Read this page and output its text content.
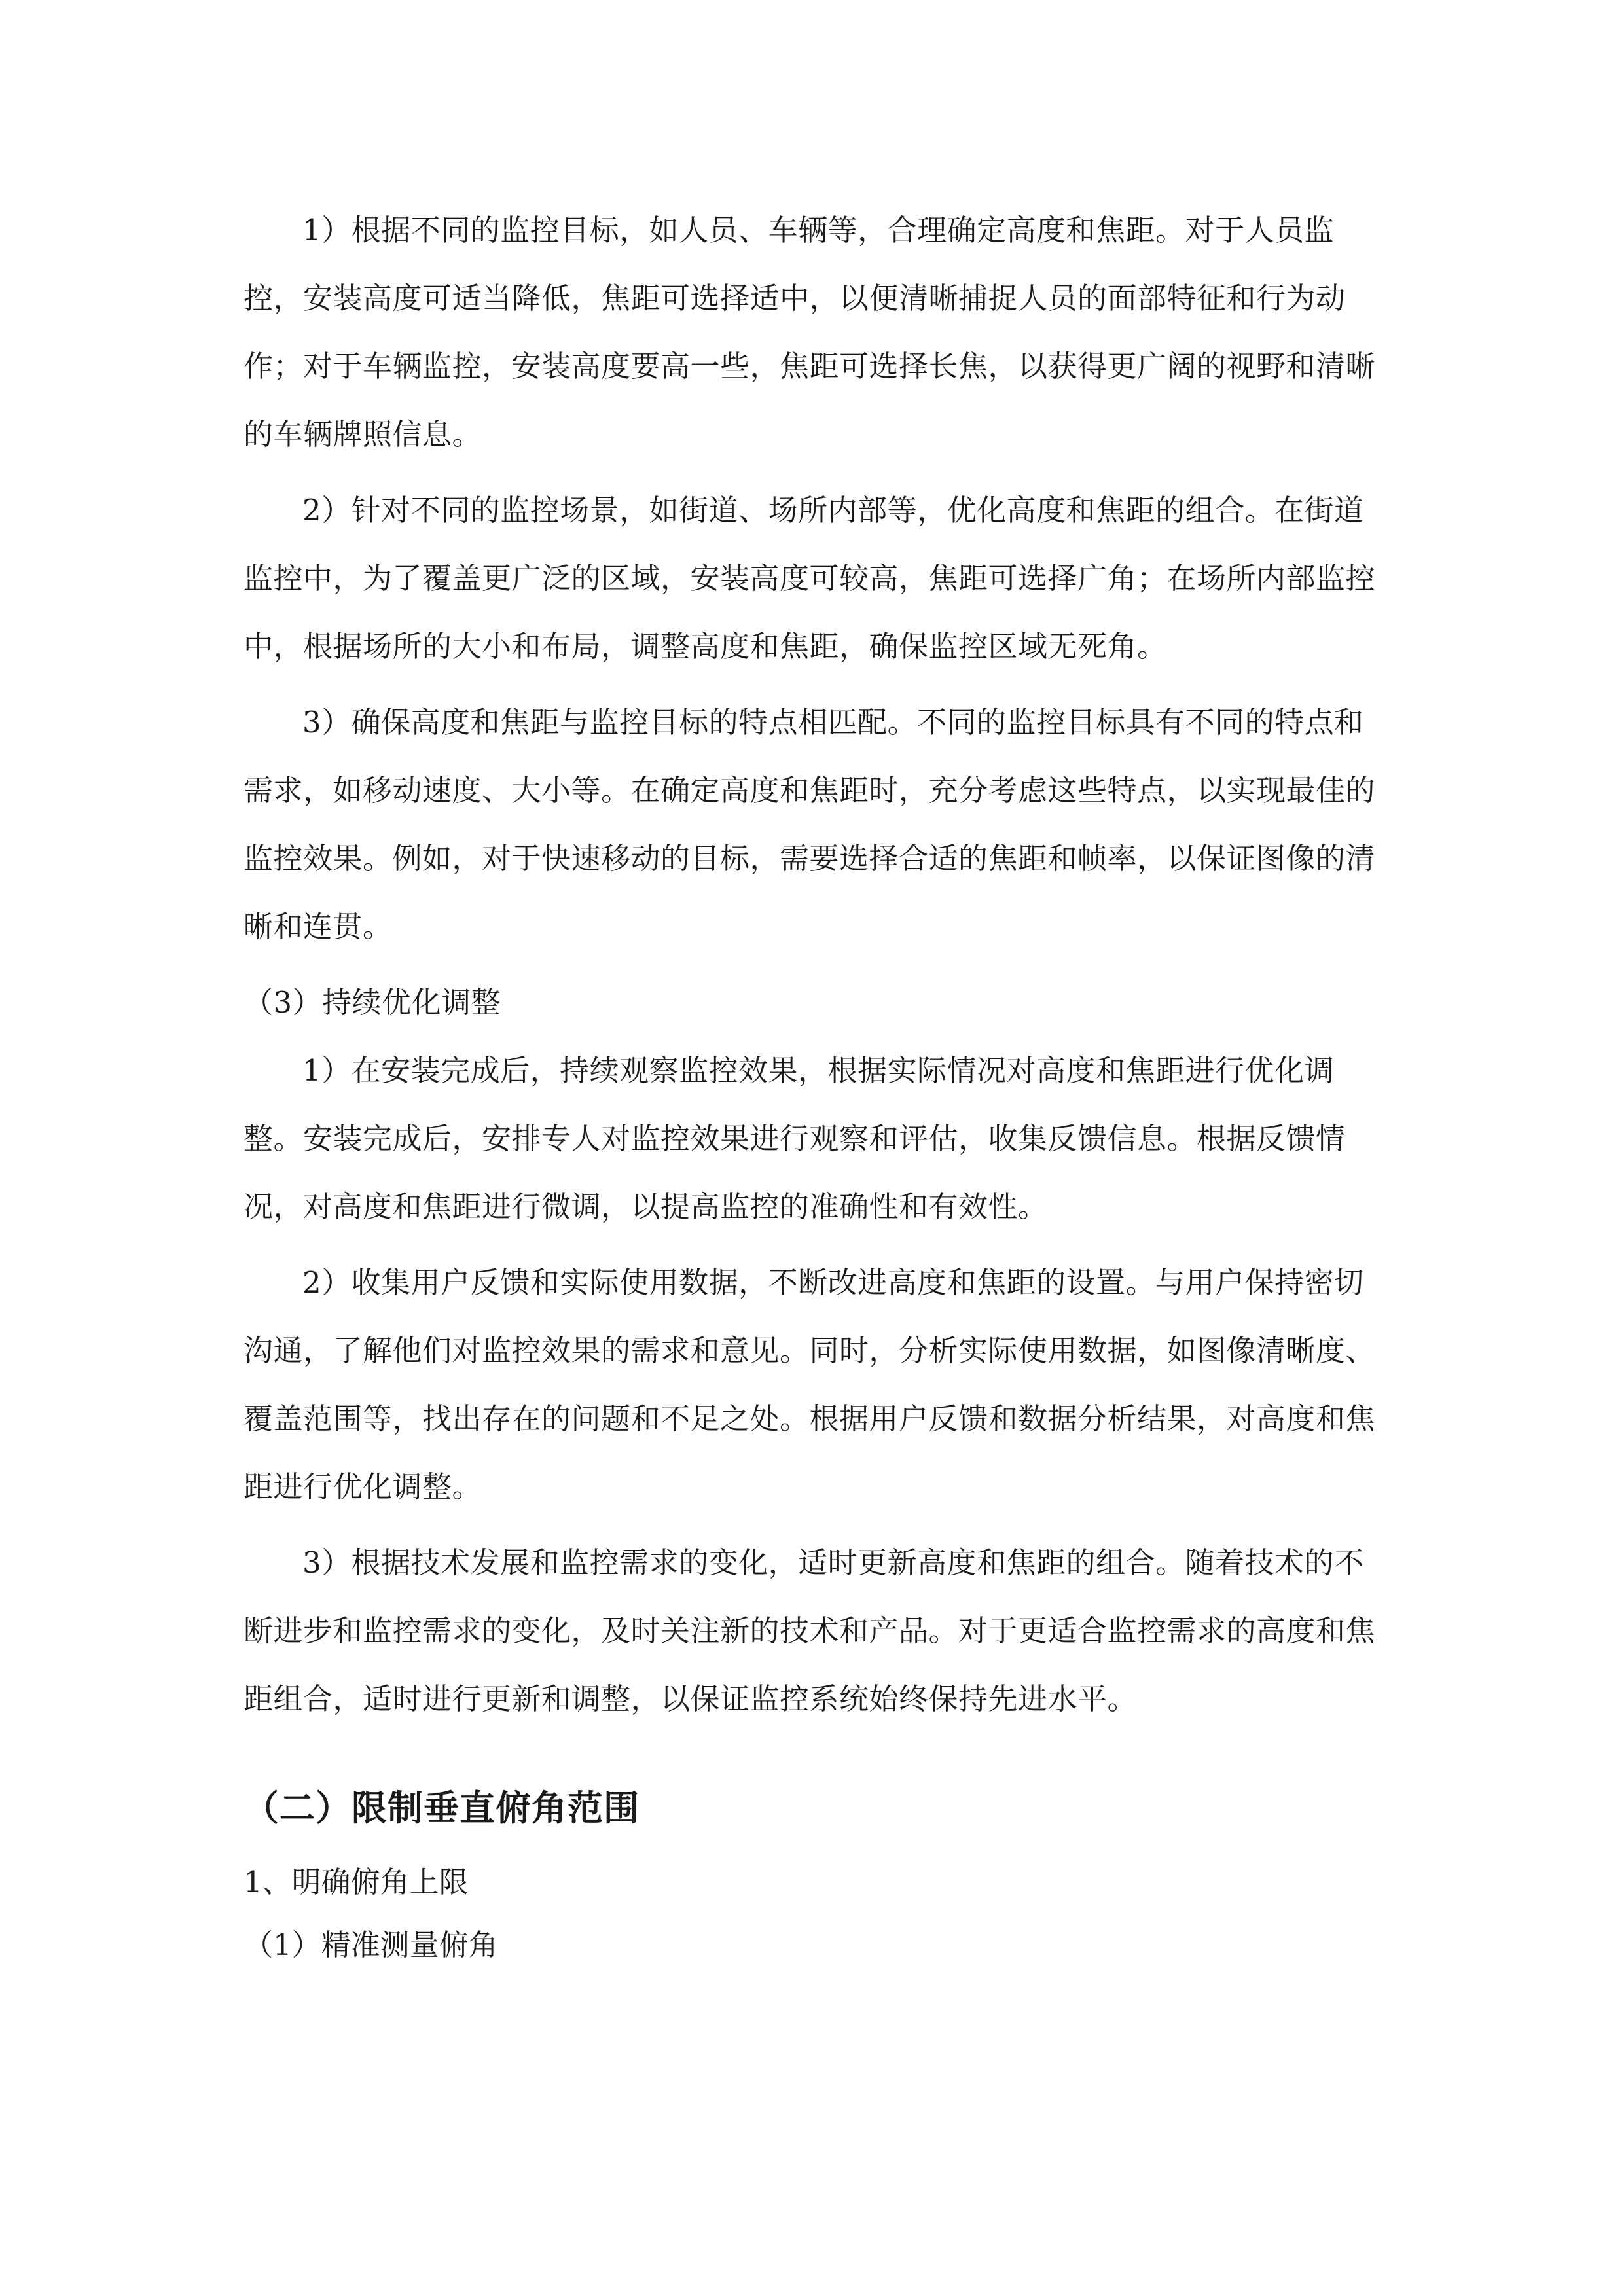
1）根据不同的监控目标，如人员、车辆等，合理确定高度和焦距。对于人员监控，安装高度可适当降低，焦距可选择适中，以便清晰捕捉人员的面部特征和行为动作；对于车辆监控，安装高度要高一些，焦距可选择长焦，以获得更广阔的视野和清晰的车辆牌照信息。

2）针对不同的监控场景，如街道、场所内部等，优化高度和焦距的组合。在街道监控中，为了覆盖更广泛的区域，安装高度可较高，焦距可选择广角；在场所内部监控中，根据场所的大小和布局，调整高度和焦距，确保监控区域无死角。

3）确保高度和焦距与监控目标的特点相匹配。不同的监控目标具有不同的特点和需求，如移动速度、大小等。在确定高度和焦距时，充分考虑这些特点，以实现最佳的监控效果。例如，对于快速移动的目标，需要选择合适的焦距和帧率，以保证图像的清晰和连贯。

（3）持续优化调整

1）在安装完成后，持续观察监控效果，根据实际情况对高度和焦距进行优化调整。安装完成后，安排专人对监控效果进行观察和评估，收集反馈信息。根据反馈情况，对高度和焦距进行微调，以提高监控的准确性和有效性。

2）收集用户反馈和实际使用数据，不断改进高度和焦距的设置。与用户保持密切沟通，了解他们对监控效果的需求和意见。同时，分析实际使用数据，如图像清晰度、覆盖范围等，找出存在的问题和不足之处。根据用户反馈和数据分析结果，对高度和焦距进行优化调整。

3）根据技术发展和监控需求的变化，适时更新高度和焦距的组合。随着技术的不断进步和监控需求的变化，及时关注新的技术和产品。对于更适合监控需求的高度和焦距组合，适时进行更新和调整，以保证监控系统始终保持先进水平。

（二）限制垂直俯角范围

1、明确俯角上限

（1）精准测量俯角
